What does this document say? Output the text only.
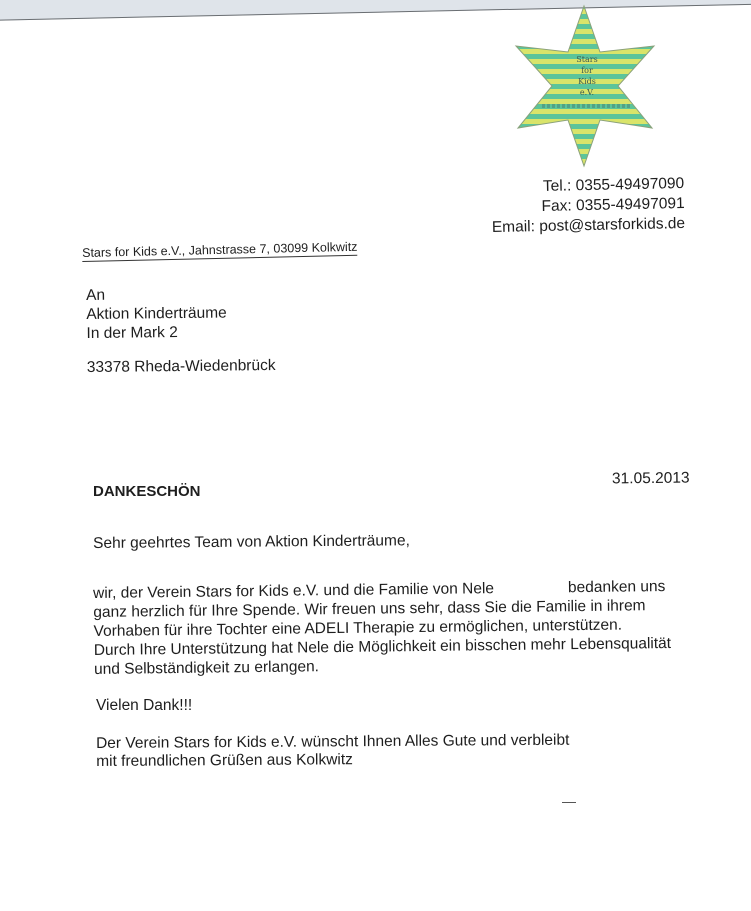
Stars
for
Kids
e.V.
Tel.: 0355-49497090
Fax: 0355-49497091
Email: post@starsforkids.de
Stars for Kids e.V., Jahnstrasse 7, 03099 Kolkwitz
An
Aktion Kinderträume
In der Mark 2
33378 Rheda-Wiedenbrück
31.05.2013
DANKESCHÖN
Sehr geehrtes Team von Aktion Kinderträume,
wir, der Verein Stars for Kids e.V. und die Familie von Nele	bedanken uns
ganz herzlich für Ihre Spende. Wir freuen uns sehr, dass Sie die Familie in ihrem
Vorhaben für ihre Tochter eine ADELI Therapie zu ermöglichen, unterstützen.
Durch Ihre Unterstützung hat Nele die Möglichkeit ein bisschen mehr Lebensqualität
und Selbständigkeit zu erlangen.
Vielen Dank!!!
Der Verein Stars for Kids e.V. wünscht Ihnen Alles Gute und verbleibt
mit freundlichen Grüßen aus Kolkwitz
